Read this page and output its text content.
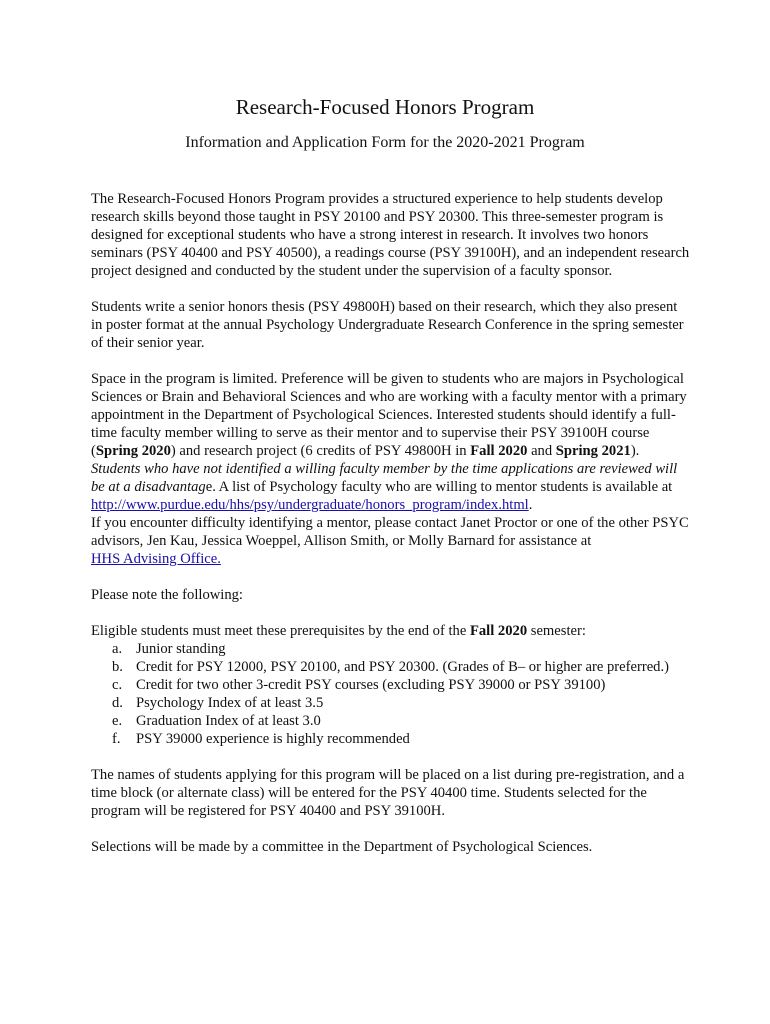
Research-Focused Honors Program
Information and Application Form for the 2020-2021 Program

The Research-Focused Honors Program provides a structured experience to help students develop research skills beyond those taught in PSY 20100 and PSY 20300. This three-semester program is designed for exceptional students who have a strong interest in research. It involves two honors seminars (PSY 40400 and PSY 40500), a readings course (PSY 39100H), and an independent research project designed and conducted by the student under the supervision of a faculty sponsor.

Students write a senior honors thesis (PSY 49800H) based on their research, which they also present in poster format at the annual Psychology Undergraduate Research Conference in the spring semester of their senior year.

Space in the program is limited. Preference will be given to students who are majors in Psychological Sciences or Brain and Behavioral Sciences and who are working with a faculty mentor with a primary appointment in the Department of Psychological Sciences. Interested students should identify a full-time faculty member willing to serve as their mentor and to supervise their PSY 39100H course (Spring 2020) and research project (6 credits of PSY 49800H in Fall 2020 and Spring 2021). Students who have not identified a willing faculty member by the time applications are reviewed will be at a disadvantage. A list of Psychology faculty who are willing to mentor students is available at
http://www.purdue.edu/hhs/psy/undergraduate/honors_program/index.html.
If you encounter difficulty identifying a mentor, please contact Janet Proctor or one of the other PSYC advisors, Jen Kau, Jessica Woeppel, Allison Smith, or Molly Barnard for assistance at
HHS Advising Office.

Please note the following:

Eligible students must meet these prerequisites by the end of the Fall 2020 semester:

a. Junior standing
b. Credit for PSY 12000, PSY 20100, and PSY 20300. (Grades of B– or higher are preferred.)
c. Credit for two other 3-credit PSY courses (excluding PSY 39000 or PSY 39100)
d. Psychology Index of at least 3.5
e. Graduation Index of at least 3.0
f. PSY 39000 experience is highly recommended

The names of students applying for this program will be placed on a list during pre-registration, and a time block (or alternate class) will be entered for the PSY 40400 time. Students selected for the program will be registered for PSY 40400 and PSY 39100H.

Selections will be made by a committee in the Department of Psychological Sciences.
